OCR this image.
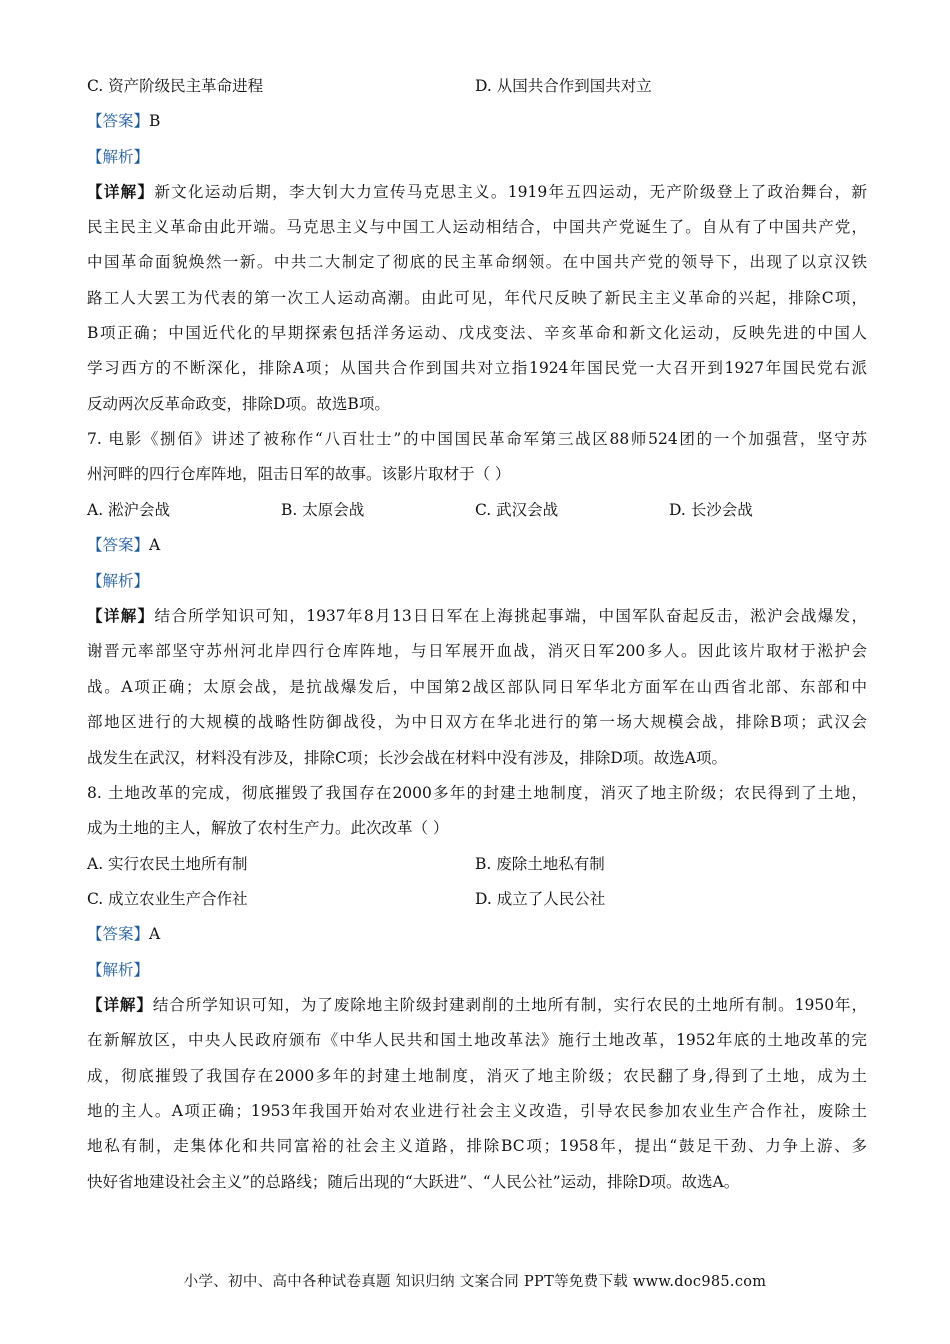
C. 资产阶级民主革命进程	D. 从国共合作到国共对立
【答案】B
【解析】
【详解】新文化运动后期，李大钊大力宣传马克思主义。1919年五四运动，无产阶级登上了政治舞台，新
民主民主义革命由此开端。马克思主义与中国工人运动相结合，中国共产党诞生了。自从有了中国共产党，
中国革命面貌焕然一新。中共二大制定了彻底的民主革命纲领。在中国共产党的领导下，出现了以京汉铁
路工人大罢工为代表的第一次工人运动高潮。由此可见，年代尺反映了新民主主义革命的兴起，排除C项，
B项正确；中国近代化的早期探索包括洋务运动、戊戌变法、辛亥革命和新文化运动，反映先进的中国人
学习西方的不断深化，排除A项；从国共合作到国共对立指1924年国民党一大召开到1927年国民党右派
反动两次反革命政变，排除D项。故选B项。
7. 电影《捌佰》讲述了被称作“八百壮士”的中国国民革命军第三战区88师524团的一个加强营，坚守苏
州河畔的四行仓库阵地，阻击日军的故事。该影片取材于（ ）
A. 淞沪会战	B. 太原会战	C. 武汉会战	D. 长沙会战
【答案】A
【解析】
【详解】结合所学知识可知，1937年8月13日日军在上海挑起事端，中国军队奋起反击，淞沪会战爆发，
谢晋元率部坚守苏州河北岸四行仓库阵地，与日军展开血战，消灭日军200多人。因此该片取材于淞护会
战。A项正确；太原会战，是抗战爆发后，中国第2战区部队同日军华北方面军在山西省北部、东部和中
部地区进行的大规模的战略性防御战役，为中日双方在华北进行的第一场大规模会战，排除B项；武汉会
战发生在武汉，材料没有涉及，排除C项；长沙会战在材料中没有涉及，排除D项。故选A项。
8. 土地改革的完成，彻底摧毁了我国存在2000多年的封建土地制度，消灭了地主阶级；农民得到了土地，
成为土地的主人，解放了农村生产力。此次改革（ ）
A. 实行农民土地所有制	B. 废除土地私有制
C. 成立农业生产合作社	D. 成立了人民公社
【答案】A
【解析】
【详解】结合所学知识可知，为了废除地主阶级封建剥削的土地所有制，实行农民的土地所有制。1950年，
在新解放区，中央人民政府颁布《中华人民共和国土地改革法》施行土地改革，1952年底的土地改革的完
成，彻底摧毁了我国存在2000多年的封建土地制度，消灭了地主阶级；农民翻了身,得到了土地，成为土
地的主人。A项正确；1953年我国开始对农业进行社会主义改造，引导农民参加农业生产合作社，废除土
地私有制，走集体化和共同富裕的社会主义道路，排除BC项；1958年，提出“鼓足干劲、力争上游、多
快好省地建设社会主义”的总路线；随后出现的“大跃进”、“人民公社”运动，排除D项。故选A。
小学、初中、高中各种试卷真题 知识归纳 文案合同 PPT等免费下载 www.doc985.com
